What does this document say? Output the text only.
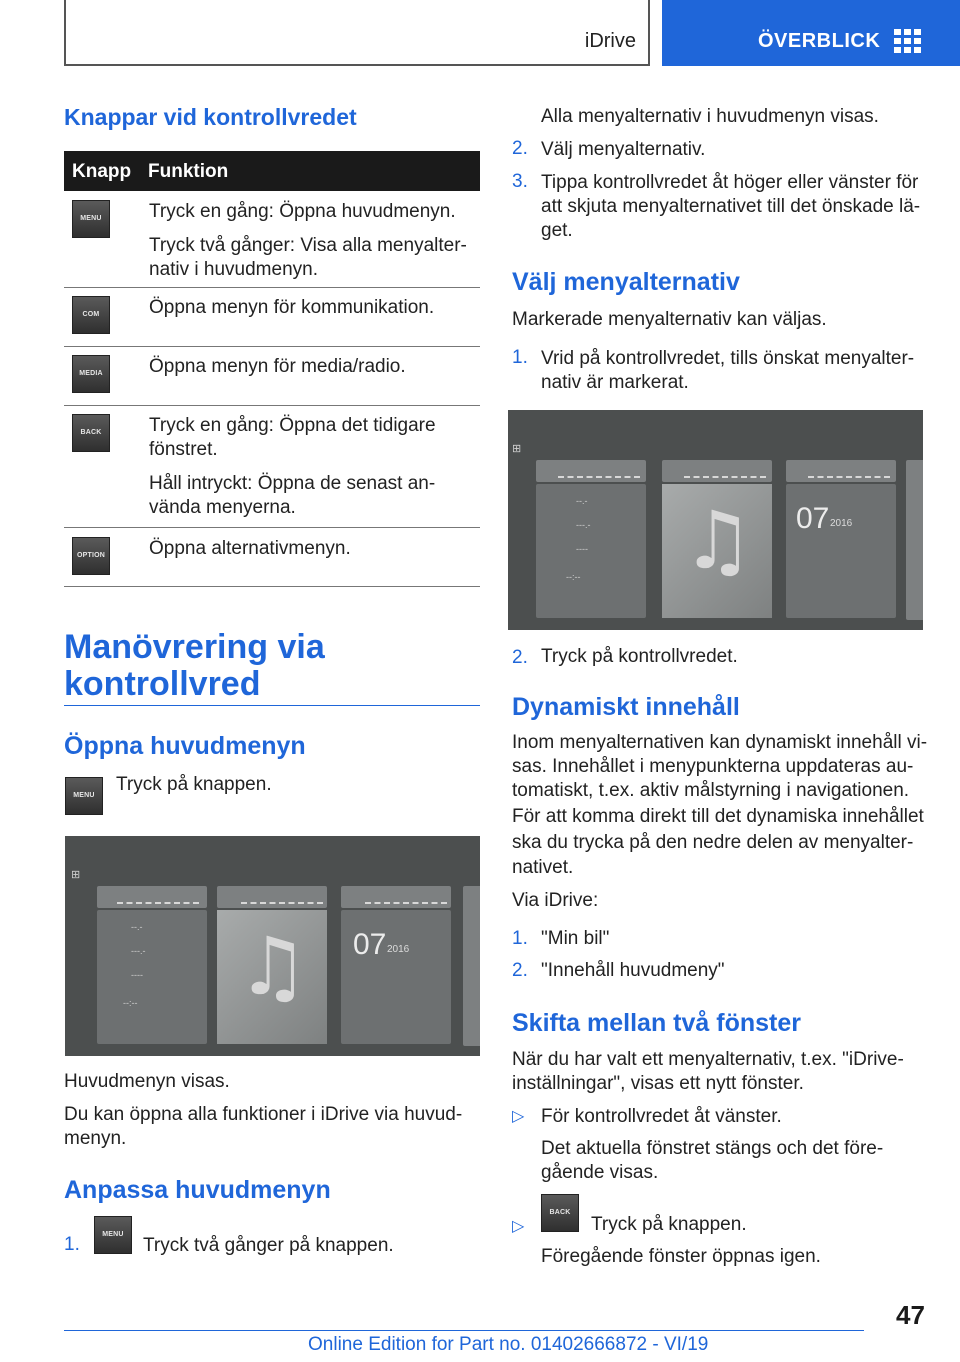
iDrive	ÖVERBLICK
Knappar vid kontrollvredet
Knapp Funktion
MENU	Tryck en gång: Öppna huvudmenyn.
Tryck två gånger: Visa alla menyalter-
nativ i huvudmenyn.
COM	Öppna menyn för kommunikation.
MEDIA	Öppna menyn för media/radio.
BACK	Tryck en gång: Öppna det tidigare
fönstret.
Håll intryckt: Öppna de senast an-
vända menyerna.
OPTION Öppna alternativmenyn.
Manövrering via
kontrollvred
Öppna huvudmenyn
MENU
Tryck på knappen.
⊞
--.-
---.-
----
--:-- ♫ 07 2016
Huvudmenyn visas.
Du kan öppna alla funktioner i iDrive via huvud-
menyn.
Anpassa huvudmenyn
1.	MENU
Tryck två gånger på knappen.
Alla menyalternativ i huvudmenyn visas.
2. Välj menyalternativ.
3. Tippa kontrollvredet åt höger eller vänster för
att skjuta menyalternativet till det önskade lä-
get.
Välj menyalternativ
Markerade menyalternativ kan väljas.
1. Vrid på kontrollvredet, tills önskat menyalter-
nativ är markerat.
⊞
--.-
---.-
----
--:-- ♫ 07 2016
2. Tryck på kontrollvredet.
Dynamiskt innehåll
Inom menyalternativen kan dynamiskt innehåll vi-
sas. Innehållet i menypunkterna uppdateras au-
tomatiskt, t.ex. aktiv målstyrning i navigationen.
För att komma direkt till det dynamiska innehållet
ska du trycka på den nedre delen av menyalter-
nativet.
Via iDrive:
1. "Min bil"
2. "Innehåll huvudmeny"
Skifta mellan två fönster
När du har valt ett menyalternativ, t.ex. "iDrive-
inställningar", visas ett nytt fönster.
▷ För kontrollvredet åt vänster.
Det aktuella fönstret stängs och det före-
gående visas.
▷
BACK
Tryck på knappen.
Föregående fönster öppnas igen.
47
Online Edition for Part no. 01402666872 - VI/19
